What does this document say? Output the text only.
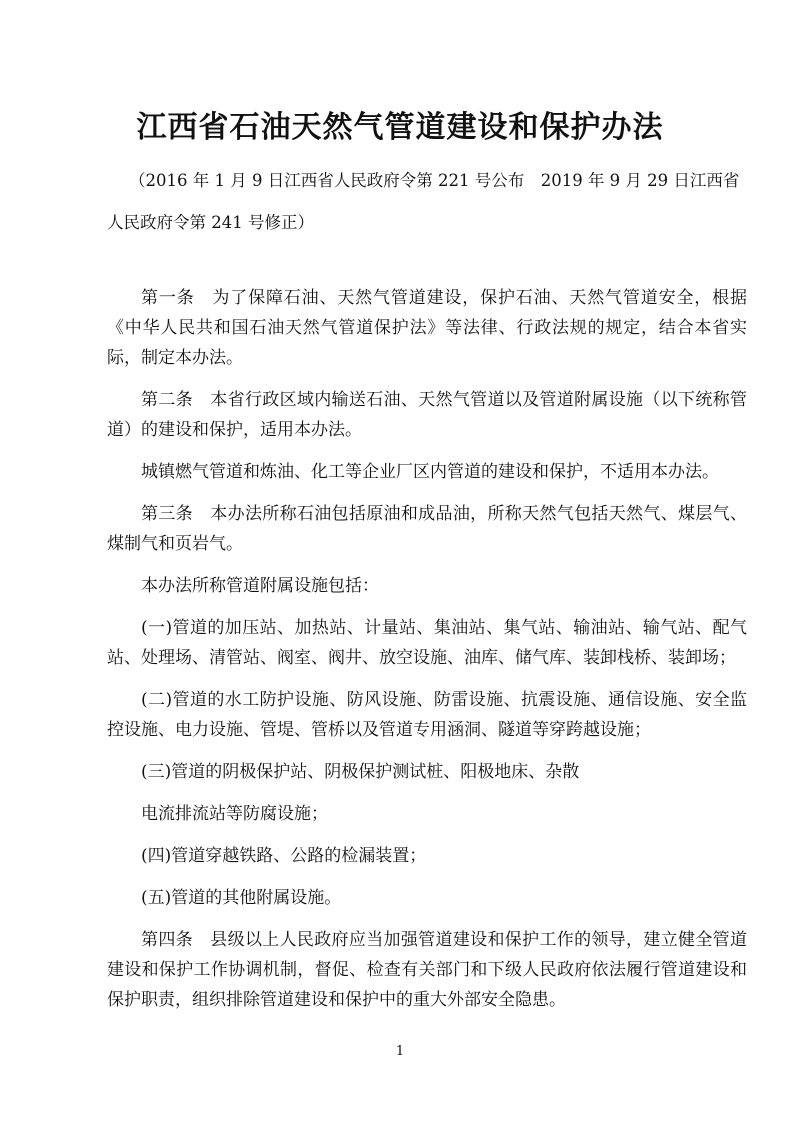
江西省石油天然气管道建设和保护办法

（2016 年 1 月 9 日江西省人民政府令第 221 号公布　2019 年 9 月 29 日江西省人民政府令第 241 号修正）

第一条　为了保障石油、天然气管道建设，保护石油、天然气管道安全，根据《中华人民共和国石油天然气管道保护法》等法律、行政法规的规定，结合本省实际，制定本办法。

第二条　本省行政区域内输送石油、天然气管道以及管道附属设施（以下统称管道）的建设和保护，适用本办法。

城镇燃气管道和炼油、化工等企业厂区内管道的建设和保护，不适用本办法。

第三条　本办法所称石油包括原油和成品油，所称天然气包括天然气、煤层气、煤制气和页岩气。

本办法所称管道附属设施包括：

(一)管道的加压站、加热站、计量站、集油站、集气站、输油站、输气站、配气站、处理场、清管站、阀室、阀井、放空设施、油库、储气库、装卸栈桥、装卸场；

(二)管道的水工防护设施、防风设施、防雷设施、抗震设施、通信设施、安全监控设施、电力设施、管堤、管桥以及管道专用涵洞、隧道等穿跨越设施；

(三)管道的阴极保护站、阴极保护测试桩、阳极地床、杂散

电流排流站等防腐设施；

(四)管道穿越铁路、公路的检漏装置；

(五)管道的其他附属设施。

第四条　县级以上人民政府应当加强管道建设和保护工作的领导，建立健全管道建设和保护工作协调机制，督促、检查有关部门和下级人民政府依法履行管道建设和保护职责，组织排除管道建设和保护中的重大外部安全隐患。

1
